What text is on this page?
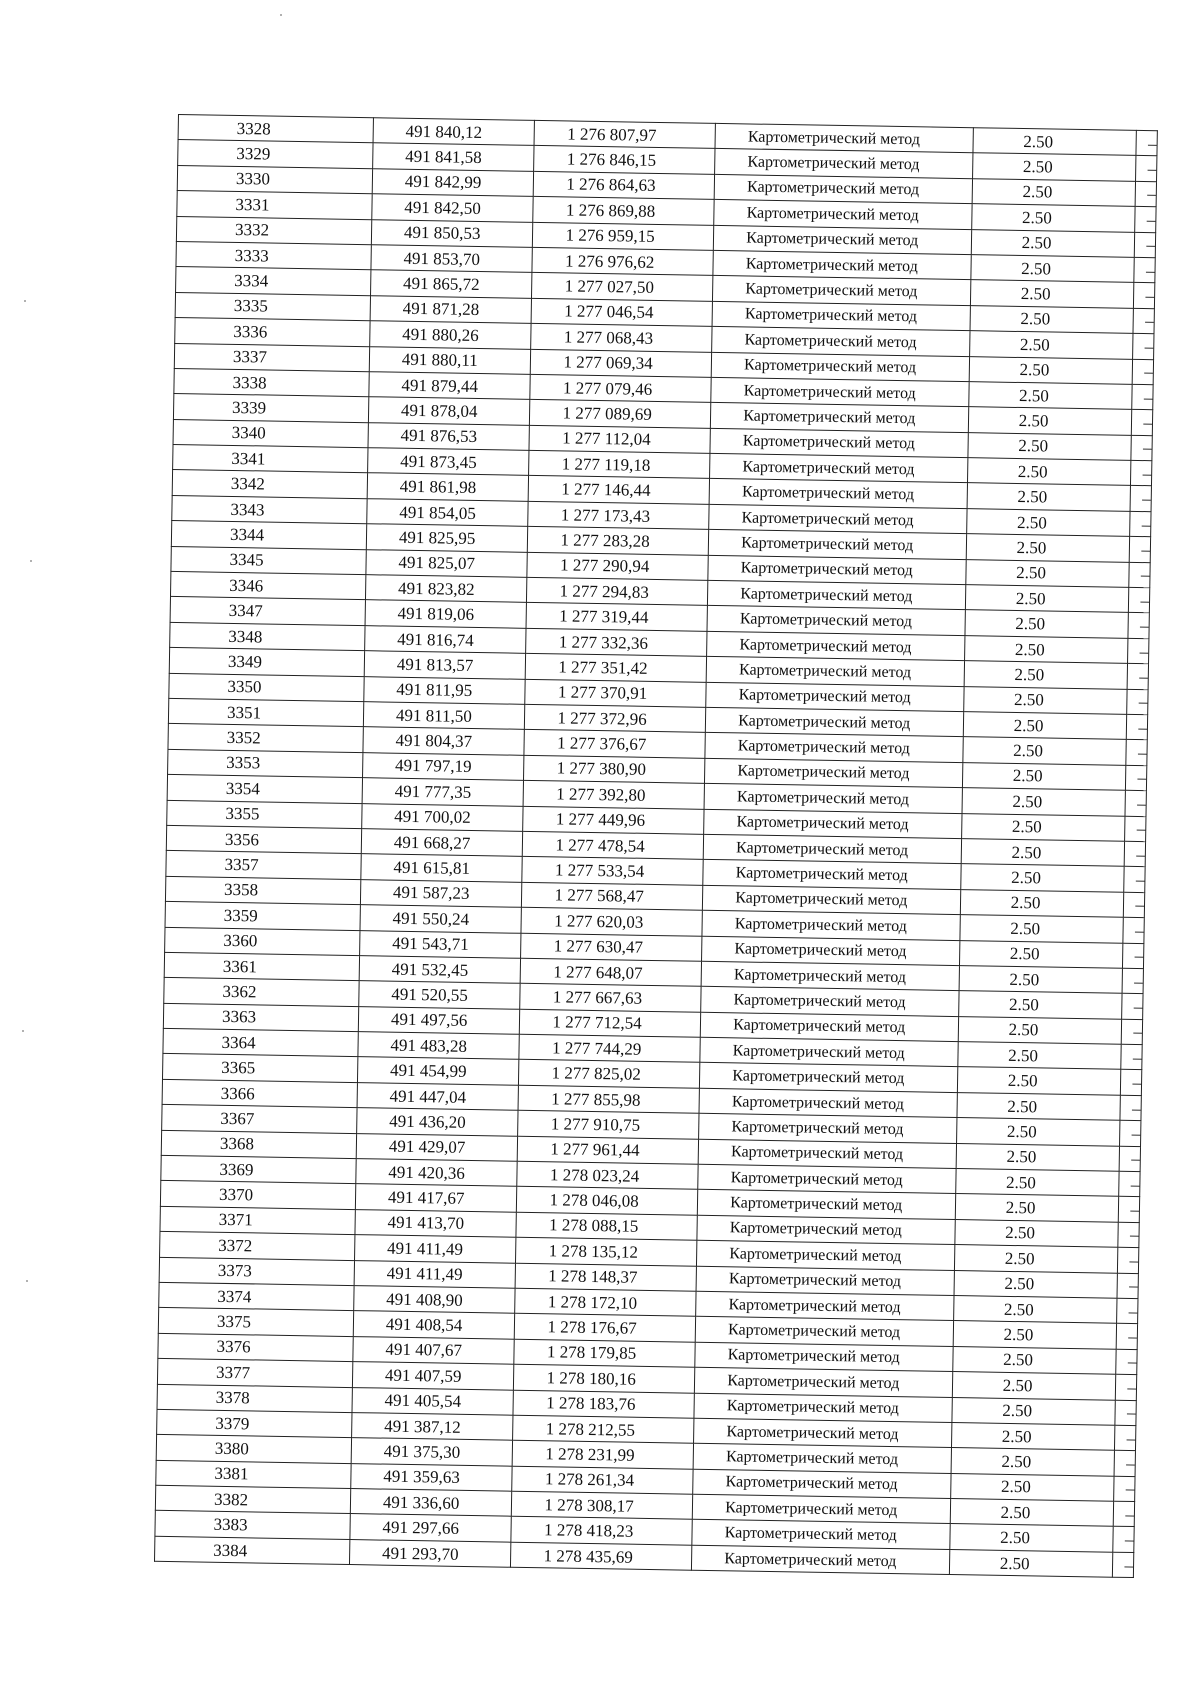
3328	491 840,12	1 276 807,97	Картометрический метод	2.50	–
3329	491 841,58	1 276 846,15	Картометрический метод	2.50	–
3330	491 842,99	1 276 864,63	Картометрический метод	2.50	–
3331	491 842,50	1 276 869,88	Картометрический метод	2.50	–
3332	491 850,53	1 276 959,15	Картометрический метод	2.50	–
3333	491 853,70	1 276 976,62	Картометрический метод	2.50	–
3334	491 865,72	1 277 027,50	Картометрический метод	2.50	–
3335	491 871,28	1 277 046,54	Картометрический метод	2.50	–
3336	491 880,26	1 277 068,43	Картометрический метод	2.50	–
3337	491 880,11	1 277 069,34	Картометрический метод	2.50	–
3338	491 879,44	1 277 079,46	Картометрический метод	2.50	–
3339	491 878,04	1 277 089,69	Картометрический метод	2.50	–
3340	491 876,53	1 277 112,04	Картометрический метод	2.50	–
3341	491 873,45	1 277 119,18	Картометрический метод	2.50	–
3342	491 861,98	1 277 146,44	Картометрический метод	2.50	–
3343	491 854,05	1 277 173,43	Картометрический метод	2.50	–
3344	491 825,95	1 277 283,28	Картометрический метод	2.50	–
3345	491 825,07	1 277 290,94	Картометрический метод	2.50	–
3346	491 823,82	1 277 294,83	Картометрический метод	2.50	–
3347	491 819,06	1 277 319,44	Картометрический метод	2.50	–
3348	491 816,74	1 277 332,36	Картометрический метод	2.50	–
3349	491 813,57	1 277 351,42	Картометрический метод	2.50	–
3350	491 811,95	1 277 370,91	Картометрический метод	2.50	–
3351	491 811,50	1 277 372,96	Картометрический метод	2.50	–
3352	491 804,37	1 277 376,67	Картометрический метод	2.50	–
3353	491 797,19	1 277 380,90	Картометрический метод	2.50	–
3354	491 777,35	1 277 392,80	Картометрический метод	2.50	–
3355	491 700,02	1 277 449,96	Картометрический метод	2.50	–
3356	491 668,27	1 277 478,54	Картометрический метод	2.50	–
3357	491 615,81	1 277 533,54	Картометрический метод	2.50	–
3358	491 587,23	1 277 568,47	Картометрический метод	2.50	–
3359	491 550,24	1 277 620,03	Картометрический метод	2.50	–
3360	491 543,71	1 277 630,47	Картометрический метод	2.50	–
3361	491 532,45	1 277 648,07	Картометрический метод	2.50	–
3362	491 520,55	1 277 667,63	Картометрический метод	2.50	–
3363	491 497,56	1 277 712,54	Картометрический метод	2.50	–
3364	491 483,28	1 277 744,29	Картометрический метод	2.50	–
3365	491 454,99	1 277 825,02	Картометрический метод	2.50	–
3366	491 447,04	1 277 855,98	Картометрический метод	2.50	–
3367	491 436,20	1 277 910,75	Картометрический метод	2.50	–
3368	491 429,07	1 277 961,44	Картометрический метод	2.50	–
3369	491 420,36	1 278 023,24	Картометрический метод	2.50	–
3370	491 417,67	1 278 046,08	Картометрический метод	2.50	–
3371	491 413,70	1 278 088,15	Картометрический метод	2.50	–
3372	491 411,49	1 278 135,12	Картометрический метод	2.50	–
3373	491 411,49	1 278 148,37	Картометрический метод	2.50	–
3374	491 408,90	1 278 172,10	Картометрический метод	2.50	–
3375	491 408,54	1 278 176,67	Картометрический метод	2.50	–
3376	491 407,67	1 278 179,85	Картометрический метод	2.50	–
3377	491 407,59	1 278 180,16	Картометрический метод	2.50	–
3378	491 405,54	1 278 183,76	Картометрический метод	2.50	–
3379	491 387,12	1 278 212,55	Картометрический метод	2.50	–
3380	491 375,30	1 278 231,99	Картометрический метод	2.50	–
3381	491 359,63	1 278 261,34	Картометрический метод	2.50	–
3382	491 336,60	1 278 308,17	Картометрический метод	2.50	–
3383	491 297,66	1 278 418,23	Картометрический метод	2.50	–
3384	491 293,70	1 278 435,69	Картометрический метод	2.50	–
